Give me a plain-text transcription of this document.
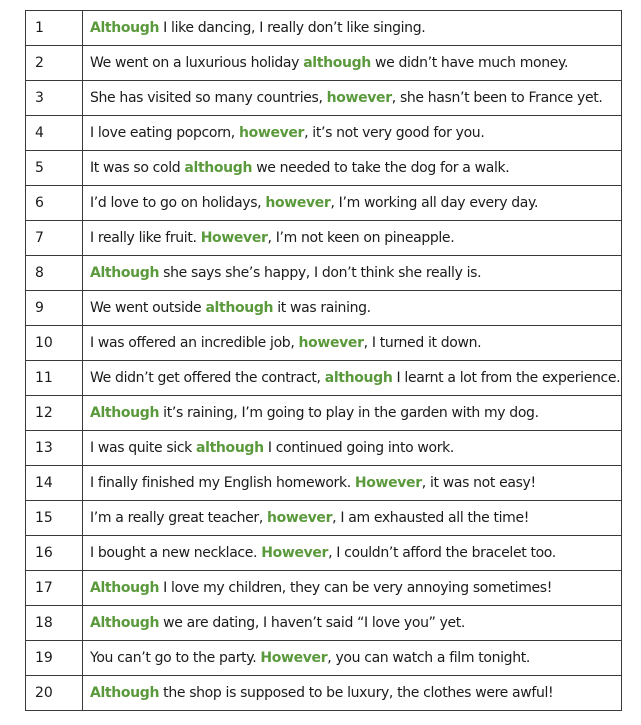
1	Although I like dancing, I really don’t like singing.
2	We went on a luxurious holiday although we didn’t have much money.
3	She has visited so many countries, however, she hasn’t been to France yet.
4	I love eating popcorn, however, it’s not very good for you.
5	It was so cold although we needed to take the dog for a walk.
6	I’d love to go on holidays, however, I’m working all day every day.
7	I really like fruit. However, I’m not keen on pineapple.
8	Although she says she’s happy, I don’t think she really is.
9	We went outside although it was raining.
10	I was offered an incredible job, however, I turned it down.
11	We didn’t get offered the contract, although I learnt a lot from the experience.
12	Although it’s raining, I’m going to play in the garden with my dog.
13	I was quite sick although I continued going into work.
14	I finally finished my English homework. However, it was not easy!
15	I’m a really great teacher, however, I am exhausted all the time!
16	I bought a new necklace. However, I couldn’t afford the bracelet too.
17	Although I love my children, they can be very annoying sometimes!
18	Although we are dating, I haven’t said “I love you” yet.
19	You can’t go to the party. However, you can watch a film tonight.
20	Although the shop is supposed to be luxury, the clothes were awful!
